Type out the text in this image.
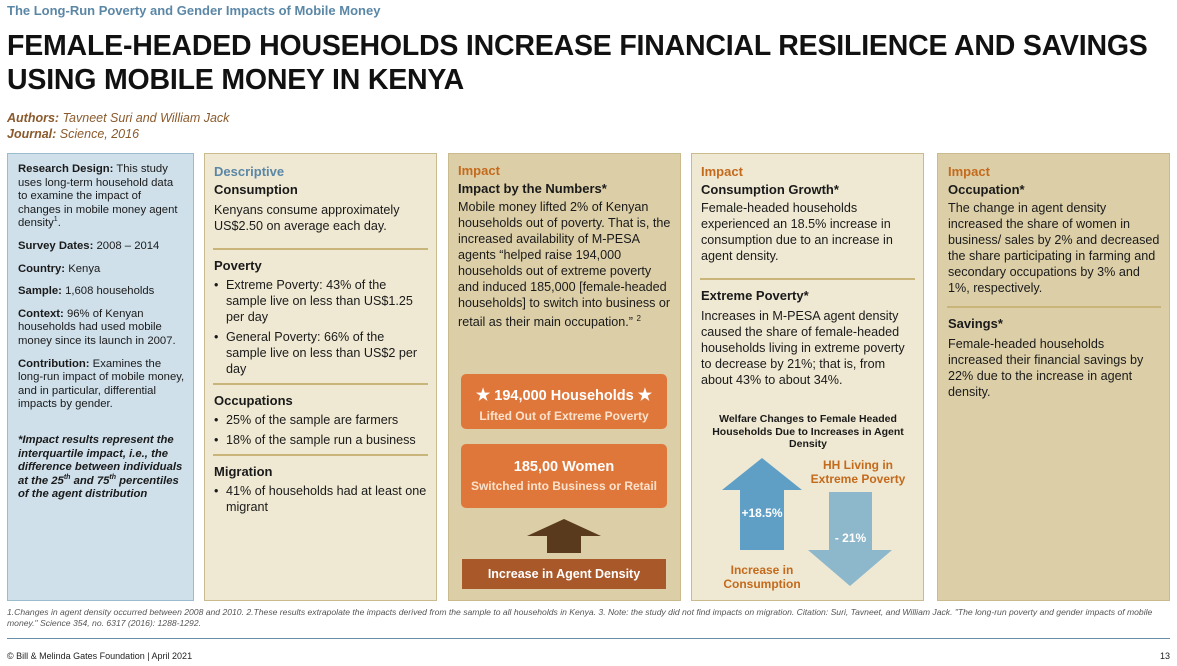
The Long-Run Poverty and Gender Impacts of Mobile Money
FEMALE-HEADED HOUSEHOLDS INCREASE FINANCIAL RESILIENCE AND SAVINGS USING MOBILE MONEY IN KENYA
Authors: Tavneet Suri and William Jack
Journal: Science, 2016

Research Design: This study uses long-term household data to examine the impact of changes in mobile money agent density$^1$.

Survey Dates: 2008 – 2014

Country: Kenya

Sample: 1,608 households

Context: 96% of Kenyan households had used mobile money since its launch in 2007.

Contribution: Examines the long-run impact of mobile money, and in particular, differential impacts by gender.

*Impact results represent the interquartile impact, i.e., the difference between individuals at the 25th and 75th percentiles of the agent distribution

Descriptive
Consumption
Kenyans consume approximately US$2.50 on average each day.
Poverty
• Extreme Poverty: 43% of the sample live on less than US$1.25 per day
• General Poverty: 66% of the sample live on less than US$2 per day
Occupations
• 25% of the sample are farmers
• 18% of the sample run a business
Migration
• 41% of households had at least one migrant
Impact
Impact by the Numbers*
Mobile money lifted 2% of Kenyan households out of poverty. That is, the increased availability of M-PESA agents “helped raise 194,000 households out of extreme poverty and induced 185,000 [female-headed households] to switch into business or retail as their main occupation.” $^2$
★ 194,000 Households ★
Lifted Out of Extreme Poverty
185,00 Women
Switched into Business or Retail
Increase in Agent Density
Impact
Consumption Growth*
Female-headed households experienced an 18.5% increase in consumption due to an increase in agent density.
Extreme Poverty*
Increases in M-PESA agent density caused the share of female-headed households living in extreme poverty to decrease by 21%; that is, from about 43% to about 34%.
Welfare Changes to Female Headed Households Due to Increases in Agent Density
+18.5%
- 21%
Increase in Consumption
HH Living in Extreme Poverty
Impact
Occupation*
The change in agent density increased the share of women in business/ sales by 2% and decreased the share participating in farming and secondary occupations by 3% and 1%, respectively.
Savings*
Female-headed households increased their financial savings by 22% due to the increase in agent density.
1.Changes in agent density occurred between 2008 and 2010. 2.These results extrapolate the impacts derived from the sample to all households in Kenya. 3. Note: the study did not find impacts on migration. Citation: Suri, Tavneet, and William Jack. "The long-run poverty and gender impacts of mobile money." Science 354, no. 6317 (2016): 1288-1292.
© Bill & Melinda Gates Foundation | April 2021	13
